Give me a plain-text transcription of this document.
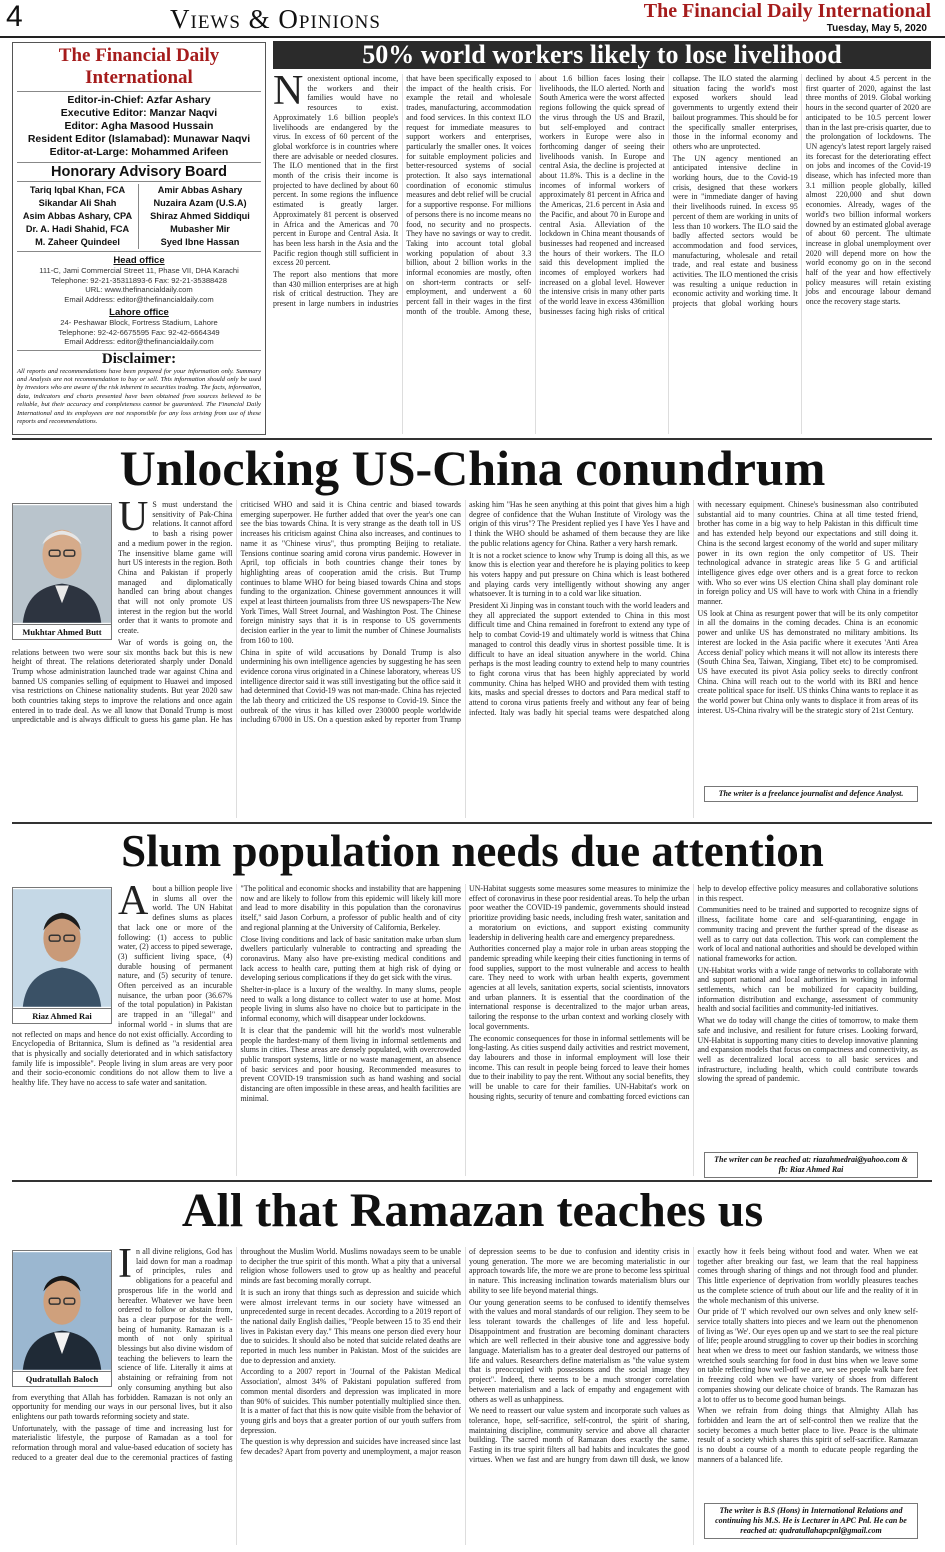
4	Views & Opinions	The Financial Daily International
Tuesday, May 5, 2020
The Financial Daily International
Editor-in-Chief: Azfar Ashary
Executive Editor: Manzar Naqvi
Editor: Agha Masood Hussain
Resident Editor (Islamabad): Munawar Naqvi
Editor-at-Large: Mohammed Arifeen
Honorary Advisory Board
Tariq Iqbal Khan, FCA	Amir Abbas Ashary
Sikandar Ali Shah	Nuzaira Azam (U.S.A)
Asim Abbas Ashary, CPA	Shiraz Ahmed Siddiqui
Dr. A. Hadi Shahid, FCA	Mubasher Mir
M. Zaheer Quindeel	Syed Ibne Hassan
Head office
111-C, Jami Commercial Street 11, Phase VII, DHA Karachi
Telephone: 92-21-35311893-6 Fax: 92-21-35388428
URL: www.thefinancialdaily.com
Email Address: editor@thefinancialdaily.com
Lahore office
24- Peshawar Block, Fortress Stadium, Lahore
Telephone: 92-42-6675595 Fax: 92-42-6664349
Email Address: editor@thefinancialdaily.com
Disclaimer:
All reports and recommendations have been prepared for your information only. Summary and Analysis are not recommendation to buy or sell. This information should only be used by investors who are aware of the risk inherent in securities trading. The facts, information, data, indicators and charts presented have been obtained from sources believed to be reliable, but their accuracy and completeness cannot be guaranteed. The Financial Daily International and its employees are not responsible for any loss arising from use of these reports and recommendations.
50% world workers likely to lose livelihood

Nonexistent optional income, the workers and their families would have no resources to exist. Approximately 1.6 billion people's livelihoods are endangered by the virus. In excess of 60 percent of the global workforce is in countries where there are advisable or needed closures. The ILO mentioned that in the first month of the crisis their income is projected to have declined by about 60 percent. In some regions the influence estimated is greatly larger. Approximately 81 percent is observed in Africa and the Americas and 70 percent in Europe and Central Asia. It has been less harsh in the Asia and the Pacific region though still sufficient in excess 20 percent.

The report also mentions that more than 430 million enterprises are at high risk of critical destruction. They are present in large numbers in industries that have been specifically exposed to the impact of the health crisis. For example the retail and wholesale trades, manufacturing, accommodation and food services. In this context ILO request for immediate measures to support workers and enterprises, particularly the smaller ones. It voices for suitable employment policies and better-resourced systems of social protection. It also says international coordination of economic stimulus measures and debt relief will be crucial for a supportive response. For millions of persons there is no income means no food, no security and no prospects. They have no savings or way to credit. Taking into account total global working population of about 3.3 billion, about 2 billion works in the informal economies are mostly, often on short-term contracts or self-employment, and underwent a 60 percent fall in their wages in the first month of the trouble. Among these, about 1.6 billion faces losing their livelihoods, the ILO alerted. North and South America were the worst affected regions following the quick spread of the virus through the US and Brazil, but self-employed and contract workers in Europe were also in forthcoming danger of seeing their livelihoods vanish. In Europe and central Asia, the decline is projected at about 11.8%. This is a decline in the incomes of informal workers of approximately 81 percent in Africa and the Americas, 21.6 percent in Asia and the Pacific, and about 70 in Europe and central Asia. Alleviation of the lockdown in China meant thousands of businesses had reopened and increased the hours of their workers. The ILO said this development implied the incomes of employed workers had increased on a global level. However the intensive crisis in many other parts of the world leave in excess 436million businesses facing high risks of critical collapse. The ILO stated the alarming situation facing the world's most exposed workers should lead governments to urgently extend their bailout programmes. This should be for the specifically smaller enterprises, those in the informal economy and others who are unprotected.

The UN agency mentioned an anticipated intensive decline in working hours, due to the Covid-19 crisis, designed that these workers were in "immediate danger of having their livelihoods ruined. In excess 95 percent of them are working in units of less than 10 workers. The ILO said the badly affected sectors would be accommodation and food services, manufacturing, wholesale and retail trade, and real estate and business activities. The ILO mentioned the crisis was resulting a unique reduction in economic activity and working time. It projects that global working hours declined by about 4.5 percent in the first quarter of 2020, against the last three months of 2019. Global working hours in the second quarter of 2020 are anticipated to be 10.5 percent lower than in the last pre-crisis quarter, due to the prolongation of lockdowns. The UN agency's latest report largely raised its forecast for the deteriorating effect on jobs and incomes of the Covid-19 disease, which has infected more than 3.1 million people globally, killed almost 220,000 and shut down economies. Already, wages of the world's two billion informal workers downed by an estimated global average of about 60 percent. The ultimate increase in global unemployment over 2020 will depend more on how the world economy go on in the second half of the year and how effectively policy measures will retain existing jobs and encourage labour demand once the recovery stage starts.

Unlocking US-China conundrum
Mukhtar Ahmed Butt

U S must understand the sensitivity of Pak-China relations. It cannot afford to bash a rising power and a medium power in the region. The insensitive blame game will hurt US interests in the region. Both China and Pakistan if properly managed and diplomatically handled can bring about changes that will not only promote US interest in the region but the world order that it wants to promote and create.

War of words is going on, the relations between two were sour six months back but this is new height of threat. The relations deteriorated sharply under Donald Trump whose administration launched trade war against China and banned US companies selling of equipment to Huawei and imposed visa restrictions on Chinese nationality students. But year 2020 saw both countries taking steps to improve the relations and once again entered in to trade deal. As we all know that Donald Trump is most unpredictable and is always difficult to guess his game plan. He has criticised WHO and said it is China centric and biased towards emerging superpower. He further added that over the year's one can see the bias towards China. It is very strange as the death toll in US increases his criticism against China also increases, and continues to name it as "Chinese virus", thus prompting Beijing to retaliate. Tensions continue soaring amid corona virus pandemic. However in April, top officials in both countries change their tones by highlighting areas of cooperation amid the crisis. But Trump continues to blame WHO for being biased towards China and stops funding to the organization. Chinese government announces it will expel at least thirteen journalists from three US newspapers-The New York Times, Wall Street Journal, and Washington Post. The Chinese foreign ministry says that it is in response to US governments decision earlier in the year to limit the number of Chinese Journalists from 160 to 100.

China in spite of wild accusations by Donald Trump is also undermining his own intelligence agencies by suggesting he has seen evidence corona virus originated in a Chinese laboratory, whereas US intelligence director said it was still investigating but the office said it had determined that Covid-19 was not man-made. China has rejected the lab theory and criticized the US response to Covid-19. Since the outbreak of the virus it has killed over 230000 people worldwide including 67000 in US. On a question asked by reporter from Trump asking him "Has he seen anything at this point that gives him a high degree of confidence that the Wuhan Institute of Virology was the origin of this virus"? The President replied yes I have Yes I have and I think the WHO should be ashamed of them because they are like the public relations agency for China. Rather a very harsh remark.

It is not a rocket science to know why Trump is doing all this, as we know this is election year and therefore he is playing politics to keep his voters happy and put pressure on China which is least bothered and playing cards very intelligently without showing any anger whatsoever. It is turning in to a cold war like situation.

President Xi Jinping was in constant touch with the world leaders and they all appreciated the support extended to China in this most difficult time and China remained in forefront to extend any type of help to combat Covid-19 and ultimately world is witness that China managed to control this deadly virus in shortest possible time. It is difficult to have an ideal situation anywhere in the world. China perhaps is the most leading country to extend help to many countries to fight corona virus that has been highly appreciated by world community. China has helped WHO and provided them with testing kits, masks and special dresses to doctors and Para medical staff to attend to corona virus patients freely and without any fear of being infected. Italy was badly hit special teams were despatched along with necessary equipment. Chinese's businessman also contributed substantial aid to many countries. China at all time tested friend, brother has come in a big way to help Pakistan in this difficult time and has extended help beyond our expectations and still doing it. China is the second largest economy of the world and super military power in its own region the only competitor of US. Their technological advance in strategic areas like 5 G and artificial intelligence gives edge over others and is a great force to reckon with. Who so ever wins US election China shall play dominant role in foreign policy and US will have to work with China in a friendly manner.

US look at China as resurgent power that will be its only competitor in all the domains in the coming decades. China is an economic power and unlike US has demonstrated no military ambitions. Its interest are locked in the Asia pacific where it executes 'Anti Area Access denial' policy which means it will not allow its interests there (South China Sea, Taiwan, Xingiang, Tibet etc) to be compromised. US have executed its pivot Asia policy seeks to directly confront China. China will reach out to the world with its BRI and hence create political space for itself. US thinks China wants to replace it as the world power but China only wants to displace it from areas of its interest. US-China rivalry will be the strategic story of 21st Century.

The writer is a freelance journalist and defence Analyst.
Slum population needs due attention
Riaz Ahmed Rai

About a billion people live in slums all over the world. The UN Habitat defines slums as places that lack one or more of the following: (1) access to public water, (2) access to piped sewerage, (3) sufficient living space, (4) durable housing of permanent nature, and (5) security of tenure. Often perceived as an incurable nuisance, the urban poor (36.67% of the total population) in Pakistan are trapped in an "illegal" and informal world - in slums that are not reflected on maps and hence do not exist officially. According to Encyclopedia of Britannica, Slum is defined as "a residential area that is physically and socially deteriorated and in which satisfactory family life is impossible". People living in slum areas are very poor and their socio-economic conditions do not allow them to live a healthy life. They have no access to safe water and sanitation.

"The political and economic shocks and instability that are happening now and are likely to follow from this epidemic will likely kill more and lead to more disability in this population than the coronavirus itself," said Jason Corburn, a professor of public health and of city and regional planning at the University of California, Berkeley.

Close living conditions and lack of basic sanitation make urban slum dwellers particularly vulnerable to contracting and spreading the coronavirus. Many also have pre-existing medical conditions and lack access to health care, putting them at high risk of dying or developing serious complications if they do get sick with the virus.

Shelter-in-place is a luxury of the wealthy. In many slums, people need to walk a long distance to collect water to use at home. Most people living in slums also have no choice but to participate in the informal economy, which will disappear under lockdowns.

It is clear that the pandemic will hit the world's most vulnerable people the hardest-many of them living in informal settlements and slums in cities. These areas are densely populated, with overcrowded public transport systems, little or no waste management, an absence of basic services and poor housing. Recommended measures to prevent COVID-19 transmission such as hand washing and social distancing are often impossible in these areas, and health facilities are minimal.

UN-Habitat suggests some measures some measures to minimize the effect of coronavirus in these poor residential areas. To help the urban poor weather the COVID-19 pandemic, governments should instead prioritize providing basic needs, including fresh water, sanitation and a moratorium on evictions, and support existing community leadership in delivering health care and emergency preparedness.

Authorities concerned play a major role in urban areas stopping the pandemic spreading while keeping their cities functioning in terms of food supplies, support to the most vulnerable and access to health care. They need to work with urban health experts, government agencies at all levels, sanitation experts, social scientists, innovators and urban planners. It is essential that the coordination of the international response is decentralized to the major urban areas, tailoring the response to the urban context and working closely with local governments.

The economic consequences for those in informal settlements will be long-lasting. As cities suspend daily activities and restrict movement, day labourers and those in informal employment will lose their income. This can result in people being forced to leave their homes due to their inability to pay the rent. Without any social benefits, they will be unable to care for their families. UN-Habitat's work on housing rights, security of tenure and combatting forced evictions can help to develop effective policy measures and collaborative solutions in this respect.

Communities need to be trained and supported to recognize signs of illness, facilitate home care and self-quarantining, engage in community tracing and prevent the further spread of the disease as well as to carry out data collection. This work can complement the work of local and national authorities and should be developed within national frameworks for action.

UN-Habitat works with a wide range of networks to collaborate with and support national and local authorities in working in informal settlements, which can be mobilized for capacity building, information distribution and exchange, assessment of community health and social facilities and community-led initiatives.

What we do today will change the cities of tomorrow, to make them safe and inclusive, and resilient for future crises. Looking forward, UN-Habitat is supporting many cities to develop innovative planning and expansion models that focus on compactness and connectivity, as well as decentralized local access to all basic services and infrastructure, including health, which could contribute towards slowing the spread of pandemic.

The writer can be reached at: riazahmedrai@yahoo.com & fb: Riaz Ahmed Rai
All that Ramazan teaches us
Qudratullah Baloch

In all divine religions, God has laid down for man a roadmap of principles, rules and obligations for a peaceful and prosperous life in the world and hereafter. Whatever we have been ordered to follow or abstain from, has a clear purpose for the well-being of humanity. Ramazan is a month of not only spiritual blessings but also divine wisdom of teaching the believers to learn the science of life. Literally it aims at abstaining or refraining from not only consuming anything but also from everything that Allah has forbidden. Ramazan is not only an opportunity for mending our ways in our personal lives, but it also enlightens our path towards reforming society and state.

Unfortunately, with the passage of time and increasing lust for materialistic lifestyle, the purpose of Ramadan as a tool for reformation through moral and value-based education of society has reduced to a greater deal due to the ceremonial practices of fasting throughout the Muslim World. Muslims nowadays seem to be unable to decipher the true spirit of this month. What a pity that a universal religion whose followers used to grow up as healthy and peaceful minds are fast becoming morally corrupt.

It is such an irony that things such as depression and suicide which were almost irrelevant terms in our society have witnessed an unprecedented surge in recent decades. According to a 2019 report of the national daily English dailies, "People between 15 to 35 end their lives in Pakistan every day." This means one person died every hour due to suicides. It should also be noted that suicide related deaths are reported in much less number in Pakistan. Most of the suicides are due to depression and anxiety.

According to a 2007 report in 'Journal of the Pakistan Medical Association', almost 34% of Pakistani population suffered from common mental disorders and depression was implicated in more than 90% of suicides. This number potentially multiplied since then. It is a matter of fact that this is now quite visible from the behavior of young girls and boys that a greater portion of our youth suffers from depression.

The question is why depression and suicides have increased since last few decades? Apart from poverty and unemployment, a major reason of depression seems to be due to confusion and identity crisis in young generation. The more we are becoming materialistic in our approach towards life, the more we are prone to become less spiritual in nature. This increasing inclination towards materialism blurs our ability to see life beyond material things.

Our young generation seems to be confused to identify themselves with the values and moral standards of our religion. They seem to be less tolerant towards the challenges of life and less hopeful. Disappointment and frustration are becoming dominant characters which are well reflected in their abusive tone and aggressive body language. Materialism has to a greater deal destroyed our patterns of life and values. Researchers define materialism as "the value system that is preoccupied with possessions and the social image they project". Indeed, there seems to be a much stronger correlation between materialism and a lack of empathy and engagement with others as well as unhappiness.

We need to reassert our value system and incorporate such values as tolerance, hope, self-sacrifice, self-control, the spirit of sharing, maintaining discipline, community service and above all character building. The sacred month of Ramazan does exactly the same. Fasting in its true spirit filters all bad habits and inculcates the good virtues. When we fast and are hungry from dawn till dusk, we know exactly how it feels being without food and water. When we eat together after breaking our fast, we learn that the real happiness comes through sharing of things and not through food and plunder. This little experience of deprivation from worldly pleasures teaches us the complete science of truth about our life and the reality of it in the whole mechanism of this universe.

Our pride of 'I' which revolved our own selves and only knew self-service totally shatters into pieces and we learn out the phenomenon of living as 'We'. Our eyes open up and we start to see the real picture of life; people around struggling to cover up their bodies in scorching heat when we dress to meet our fashion standards, we witness those wretched souls searching for food in dust bins when we leave some on table reflecting how well-off we are, we see people walk bare feet in freezing cold when we have variety of shoes from different companies showing our delicate choice of brands. The Ramazan has a lot to offer us to become good human beings.

When we refrain from doing things that Almighty Allah has forbidden and learn the art of self-control then we realize that the society becomes a much better place to live. Peace is the ultimate result of a society which shares this spirit of self-sacrifice. Ramazan is no doubt a course of a month to educate people regarding the manners of a balanced life.

The writer is B.S (Hons) in International Relations and continuing his M.S. He is Lecturer in APC Pnl. He can be reached at: qudratullahapcpnl@gmail.com
